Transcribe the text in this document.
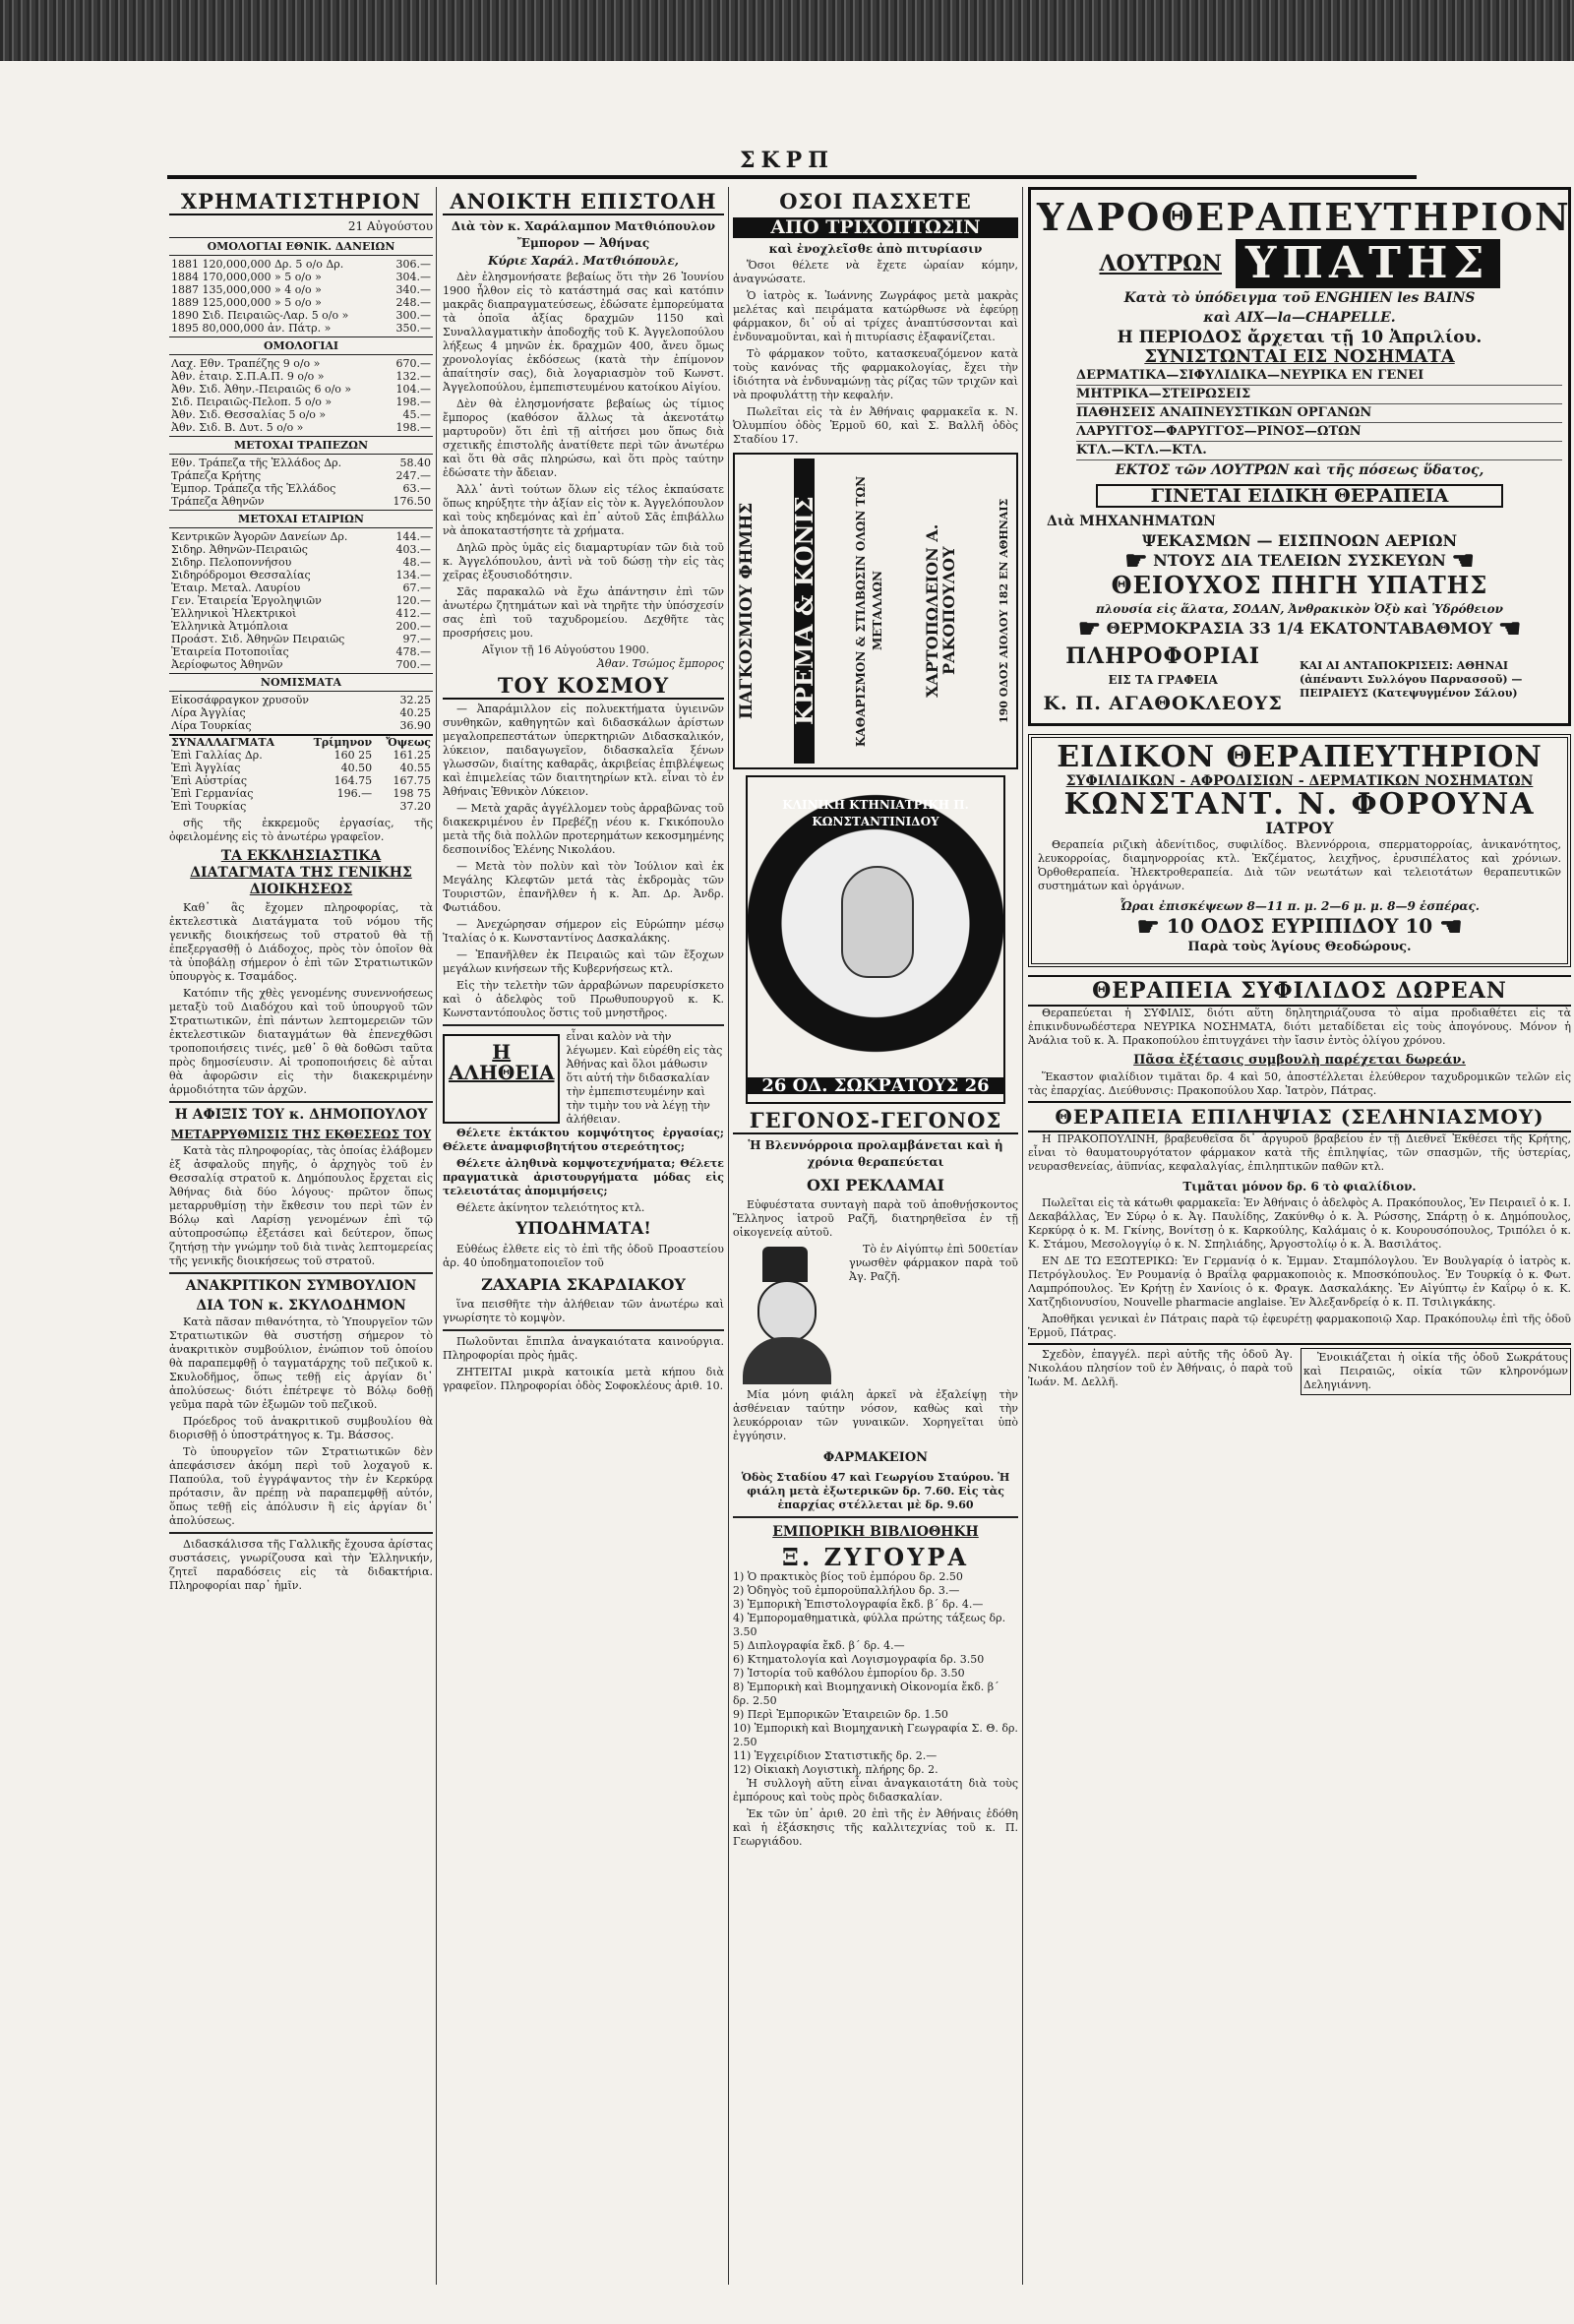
ΣΚΡΠ
ΧΡΗΜΑΤΙΣΤΗΡΙΟΝ
21 Αὐγούστου
ΟΜΟΛΟΓΙΑΙ ΕΘΝΙΚ. ΔΑΝΕΙΩΝ
1881 120,000,000 Δρ. 5 ο/ο Δρ.	306.—
1884 170,000,000 » 5 ο/ο »	304.—
1887 135,000,000 » 4 ο/ο »	340.—
1889 125,000,000 » 5 ο/ο »	248.—
1890 Σιδ. Πειραιῶς-Λαρ. 5 ο/ο »	300.—
1895 80,000,000 ἀν. Πάτρ. »	350.—
ΟΜΟΛΟΓΙΑΙ
Λαχ. Εθν. Τραπέζης 9 ο/ο »	670.—
Ἀθν. ἑταιρ. Σ.Π.Α.Π. 9 ο/ο »	132.—
Ἀθν. Σιδ. Ἀθην.-Πειραιῶς 6 ο/ο »	104.—
Σιδ. Πειραιῶς-Πελοπ. 5 ο/ο »	198.—
Ἀθν. Σιδ. Θεσσαλίας 5 ο/ο »	45.—
Ἀθν. Σιδ. Β. Δυτ. 5 ο/ο »	198.—
ΜΕΤΟΧΑΙ ΤΡΑΠΕΖΩΝ
Εθν. Τράπεζα τῆς Ἑλλάδος Δρ.	58.40
Τράπεζα Κρήτης	247.—
Ἐμπορ. Τράπεζα τῆς Ἑλλάδος	63.—
Τράπεζα Ἀθηνῶν	176.50
ΜΕΤΟΧΑΙ ΕΤΑΙΡΙΩΝ
Κεντρικῶν Ἀγορῶν Δανείων Δρ.	144.—
Σιδηρ. Ἀθηνῶν-Πειραιῶς	403.—
Σιδηρ. Πελοποννήσου	48.—
Σιδηρόδρομοι Θεσσαλίας	134.—
Ἐταιρ. Μεταλ. Λαυρίου	67.—
Γεν. Ἐταιρεία Ἐργοληψιῶν	120.—
Ἑλληνικοὶ Ἠλεκτρικοὶ	412.—
Ἑλληνικὰ Ἀτμόπλοια	200.—
Προάστ. Σιδ. Ἀθηνῶν Πειραιῶς	97.—
Ἐταιρεία Ποτοποιΐας	478.—
Ἀερίοφωτος Ἀθηνῶν	700.—
ΝΟΜΙΣΜΑΤΑ
Εἰκοσάφραγκον χρυσοῦν	32.25
Λίρα Ἀγγλίας	40.25
Λίρα Τουρκίας	36.90
ΣΥΝΑΛΛΑΓΜΑΤΑ	Τρίμηνον	Ὄψεως
Ἐπὶ Γαλλίας Δρ.	160 25	161.25
Ἐπὶ Ἀγγλίας	40.50	40.55
Ἐπὶ Αὐστρίας	164.75	167.75
Ἐπὶ Γερμανίας	196.—	198 75
Ἐπὶ Τουρκίας		37.20

σῆς τῆς ἐκκρεμοῦς ἐργασίας, τῆς ὀφειλομένης εἰς τὸ ἀνωτέρω γραφεῖον.

ΤΑ ΕΚΚΛΗΣΙΑΣΤΙΚΑ ΔΙΑΤΑΓΜΑΤΑ ΤΗΣ ΓΕΝΙΚΗΣ ΔΙΟΙΚΗΣΕΩΣ

Καθ᾽ ἃς ἔχομεν πληροφορίας, τὰ ἐκτελεστικὰ Διατάγματα τοῦ νόμου τῆς γενικῆς διοικήσεως τοῦ στρατοῦ θὰ τῇ ἐπεξεργασθῇ ὁ Διάδοχος, πρὸς τὸν ὁποῖον θὰ τὰ ὑποβάλῃ σήμερον ὁ ἐπὶ τῶν Στρατιωτικῶν ὑπουργὸς κ. Τσαμάδος.

Κατόπιν τῆς χθὲς γενομένης συνεννοήσεως μεταξὺ τοῦ Διαδόχου καὶ τοῦ ὑπουργοῦ τῶν Στρατιωτικῶν, ἐπὶ πάντων λεπτομερειῶν τῶν ἐκτελεστικῶν διαταγμάτων θὰ ἐπενεχθῶσι τροποποιήσεις τινές, μεθ᾽ ὃ θὰ δοθῶσι ταῦτα πρὸς δημοσίευσιν. Αἱ τροποποιήσεις δὲ αὗται θὰ ἀφορῶσιν εἰς τὴν διακεκριμένην ἁρμοδιότητα τῶν ἀρχῶν.

Η ΑΦΙΞΙΣ ΤΟΥ κ. ΔΗΜΟΠΟΥΛΟΥ
ΜΕΤΑΡΡΥΘΜΙΣΙΣ ΤΗΣ ΕΚΘΕΣΕΩΣ ΤΟΥ

Κατὰ τὰς πληροφορίας, τὰς ὁποίας ἐλάβομεν ἐξ ἀσφαλοῦς πηγῆς, ὁ ἀρχηγὸς τοῦ ἐν Θεσσαλίᾳ στρατοῦ κ. Δημόπουλος ἔρχεται εἰς Ἀθήνας διὰ δύο λόγους· πρῶτον ὅπως μεταρρυθμίσῃ τὴν ἔκθεσιν του περὶ τῶν ἐν Βόλῳ καὶ Λαρίσῃ γενομένων ἐπὶ τῷ αὐτοπροσώπῳ ἐξετάσει καὶ δεύτερον, ὅπως ζητήσῃ τὴν γνώμην τοῦ διὰ τινὰς λεπτομερείας τῆς γενικῆς διοικήσεως τοῦ στρατοῦ.

ΑΝΑΚΡΙΤΙΚΟΝ ΣΥΜΒΟΥΛΙΟΝ
ΔΙΑ ΤΟΝ κ. ΣΚΥΛΟΔΗΜΟΝ

Κατὰ πᾶσαν πιθανότητα, τὸ Ὑπουργεῖον τῶν Στρατιωτικῶν θὰ συστήσῃ σήμερον τὸ ἀνακριτικὸν συμβούλιον, ἐνώπιον τοῦ ὁποίου θὰ παραπεμφθῇ ὁ ταγματάρχης τοῦ πεζικοῦ κ. Σκυλοδῆμος, ὅπως τεθῇ εἰς ἀργίαν δι᾽ ἀπολύσεως· διότι ἐπέτρεψε τὸ Βόλῳ δοθῇ γεῦμα παρὰ τῶν ἐξωμῶν τοῦ πεζικοῦ.

Πρόεδρος τοῦ ἀνακριτικοῦ συμβουλίου θὰ διορισθῇ ὁ ὑποστράτηγος κ. Τμ. Βάσσος.

Τὸ ὑπουργεῖον τῶν Στρατιωτικῶν δὲν ἀπεφάσισεν ἀκόμη περὶ τοῦ λοχαγοῦ κ. Παπούλα, τοῦ ἐγγράψαντος τὴν ἐν Κερκύρᾳ πρότασιν, ἂν πρέπῃ νὰ παραπεμφθῇ αὐτόν, ὅπως τεθῇ εἰς ἀπόλυσιν ἢ εἰς ἀργίαν δι᾽ ἀπολύσεως.

Διδασκάλισσα τῆς Γαλλικῆς ἔχουσα ἀρίστας συστάσεις, γνωρίζουσα καὶ τὴν Ἑλληνικήν, ζητεῖ παραδόσεις εἰς τὰ διδακτήρια. Πληροφορίαι παρ᾽ ἡμῖν.

ΑΝΟΙΚΤΗ ΕΠΙΣΤΟΛΗ
Διὰ τὸν κ. Χαράλαμπον Ματθιόπουλον Ἔμπορον — Ἀθήνας
Κύριε Χαράλ. Ματθιόπουλε,

Δὲν ἐλησμονήσατε βεβαίως ὅτι τὴν 26 Ἰουνίου 1900 ἦλθον εἰς τὸ κατάστημά σας καὶ κατόπιν μακρᾶς διαπραγματεύσεως, ἐδώσατε ἐμπορεύματα τὰ ὁποῖα ἀξίας δραχμῶν 1150 καὶ Συναλλαγματικὴν ἀποδοχῆς τοῦ Κ. Ἀγγελοπούλου λήξεως 4 μηνῶν ἐκ. δραχμῶν 400, ἄνευ ὅμως χρονολογίας ἐκδόσεως (κατὰ τὴν ἐπίμονον ἀπαίτησίν σας), διὰ λογαριασμὸν τοῦ Κωνστ. Ἀγγελοπούλου, ἐμπεπιστευμένου κατοίκου Αἰγίου.

Δὲν θὰ ἐλησμονήσατε βεβαίως ὡς τίμιος ἔμπορος (καθόσον ἄλλως τὰ ἀκενοτάτῳ μαρτυροῦν) ὅτι ἐπὶ τῇ αἰτήσει μου ὅπως διὰ σχετικῆς ἐπιστολῆς ἀνατίθετε περὶ τῶν ἀνωτέρω καὶ ὅτι θὰ σᾶς πληρώσω, καὶ ὅτι πρὸς ταύτην ἐδώσατε τὴν ἄδειαν.

Ἀλλ᾽ ἀντὶ τούτων ὅλων εἰς τέλος ἐκπαύσατε ὅπως κηρύξητε τὴν ἀξίαν εἰς τὸν κ. Ἀγγελόπουλον καὶ τοὺς κηδεμόνας καὶ ἐπ᾽ αὐτοῦ Σᾶς ἐπιβάλλω νὰ ἀποκαταστήσητε τὰ χρήματα.

Δηλῶ πρὸς ὑμᾶς εἰς διαμαρτυρίαν τῶν διὰ τοῦ κ. Ἀγγελόπουλου, ἀντὶ νὰ τοῦ δώσῃ τὴν εἰς τὰς χεῖρας ἐξουσιοδότησιν.

Σᾶς παρακαλῶ νὰ ἔχω ἀπάντησιν ἐπὶ τῶν ἀνωτέρω ζητημάτων καὶ νὰ τηρῆτε τὴν ὑπόσχεσίν σας ἐπὶ τοῦ ταχυδρομείου. Δεχθῆτε τὰς προσρήσεις μου.

Αἴγιον τῇ 16 Αὐγούστου 1900.
Ἀθαν. Τσώμος ἔμπορος
ΤΟΥ ΚΟΣΜΟΥ

— Ἀπαράμιλλον εἰς πολυεκτήματα ὑγιεινῶν συνθηκῶν, καθηγητῶν καὶ διδασκάλων ἀρίστων μεγαλοπρεπεστάτων ὑπερκτηριῶν Διδασκαλικόν, λύκειον, παιδαγωγεῖον, διδασκαλεῖα ξένων γλωσσῶν, διαίτης καθαρᾶς, ἀκριβείας ἐπιβλέψεως καὶ ἐπιμελείας τῶν διαιτητηρίων κτλ. εἶναι τὸ ἐν Ἀθήναις Ἐθνικὸν Λύκειον.

— Μετὰ χαρᾶς ἀγγέλλομεν τοὺς ἀρραβῶνας τοῦ διακεκριμένου ἐν Πρεβέζῃ νέου κ. Γκικόπουλο μετὰ τῆς διὰ πολλῶν προτερημάτων κεκοσμημένης δεσποινίδος Ἐλένης Νικολάου.

— Μετὰ τὸν πολὺν καὶ τὸν Ἰούλιον καὶ ἐκ Μεγάλης Κλεφτῶν μετά τὰς ἐκδρομὰς τῶν Τουριστῶν, ἐπανῆλθεν ἡ κ. Ἀπ. Δρ. Ἀνδρ. Φωτιάδου.

— Ἀνεχώρησαν σήμερον εἰς Εὐρώπην μέσῳ Ἰταλίας ὁ κ. Κωνσταντίνος Δασκαλάκης.

— Ἐπανῆλθεν ἐκ Πειραιῶς καὶ τῶν ἔξοχων μεγάλων κινήσεων τῆς Κυβερνήσεως κτλ.

Εἰς τὴν τελετὴν τῶν ἀρραβώνων παρευρίσκετο καὶ ὁ ἀδελφὸς τοῦ Πρωθυπουργοῦ κ. Κ. Κωνσταντόπουλος ὅστις τοῦ μνηστῆρος.

Η ΑΛΗΘΕΙΑ
εἶναι καλὸν νὰ τὴν λέγωμεν. Καὶ εὑρέθη εἰς τὰς Ἀθήνας καὶ ὅλοι μάθωσιν ὅτι αὐτή τὴν διδασκαλίαν τὴν ἐμπεπιστευμένην καὶ τὴν τιμὴν του νὰ λέγῃ τὴν ἀλήθειαν.

Θέλετε ἐκτάκτου κομψότητος ἐργασίας; Θέλετε ἀναμφισβητήτου στερεότητος;

Θέλετε ἀληθινὰ κομψοτεχνήματα; Θέλετε πραγματικὰ ἀριστουργήματα μόδας εἰς τελειοτάτας ἀπομιμήσεις;

Θέλετε ἀκίνητον τελειότητος κτλ.

ΥΠΟΔΗΜΑΤΑ!

Εὐθέως ἐλθετε εἰς τὸ ἐπὶ τῆς ὁδοῦ Προαστείου ἀρ. 40 ὑποδηματοποιεῖον τοῦ

ΖΑΧΑΡΙΑ ΣΚΑΡΔΙΑΚΟΥ

ἵνα πεισθῆτε τὴν ἀλήθειαν τῶν ἀνωτέρω καὶ γνωρίσητε τὸ κομψὸν.

Πωλοῦνται ἔπιπλα ἀναγκαιότατα καινούργια. Πληροφορίαι πρὸς ἡμᾶς.

ΖΗΤΕΙΤΑΙ μικρὰ κατοικία μετὰ κήπου διὰ γραφεῖον. Πληροφορίαι ὁδὸς Σοφοκλέους ἀριθ. 10.

ΟΣΟΙ ΠΑΣΧΕΤΕ
ΑΠΟ ΤΡΙΧΟΠΤΩΣΙΝ
καὶ ἐνοχλεῖσθε ἀπὸ πιτυρίασιν

Ὅσοι θέλετε νὰ ἔχετε ὡραίαν κόμην, ἀναγνώσατε.

Ὁ ἰατρὸς κ. Ἰωάννης Ζωγράφος μετὰ μακρὰς μελέτας καὶ πειράματα κατώρθωσε νὰ ἐφεύρῃ φάρμακον, δι᾽ οὗ αἱ τρίχες ἀναπτύσσονται καὶ ἐνδυναμοῦνται, καὶ ἡ πιτυρίασις ἐξαφανίζεται.

Τὸ φάρμακον τοῦτο, κατασκευαζόμενον κατὰ τοὺς κανόνας τῆς φαρμακολογίας, ἔχει τὴν ἰδιότητα νὰ ἐνδυναμώνῃ τὰς ρίζας τῶν τριχῶν καὶ νὰ προφυλάττῃ τὴν κεφαλήν.

Πωλεῖται εἰς τὰ ἐν Ἀθήναις φαρμακεῖα κ. Ν. Ὀλυμπίου ὁδὸς Ἑρμοῦ 60, καὶ Σ. Βαλλῆ ὁδὸς Σταδίου 17.

ΠΑΓΚΟΣΜΙΟΥ ΦΗΜΗΣ ΚΡΕΜΑ & ΚΟΝΙΣ	ΚΑΘΑΡΙΣΜΟΝ & ΣΤΙΛΒΩΣΙΝ ΟΛΩΝ ΤΩΝ ΜΕΤΑΛΛΩΝ ΧΑΡΤΟΠΩΛΕΙΟΝ Α. ΡΑΚΟΠΟΥΛΟΥ	190 ΟΔΟΣ ΑΙΟΛΟΥ 182 ΕΝ ΑΘΗΝΑΙΣ
ΚΛΙΝΙΚΗ ΚΤΗΝΙΑΤΡΙΚΗ Π. ΚΩΝΣΤΑΝΤΙΝΙΔΟΥ
26 ΟΔ. ΣΩΚΡΑΤΟΥΣ 26
ΓΕΓΟΝΟΣ-ΓΕΓΟΝΟΣ
Ἡ Βλεννόρροια προλαμβάνεται καὶ ἡ χρόνια θεραπεύεται
ΟΧΙ ΡΕΚΛΑΜΑΙ

Εὐφυέστατα συνταγὴ παρὰ τοῦ ἀποθνῄσκοντος Ἕλληνος ἰατροῦ Ραζῆ, διατηρηθεῖσα ἐν τῇ οἰκογενείᾳ αὐτοῦ.

Τὸ ἐν Αἰγύπτῳ ἐπὶ 500ετίαν γνωσθὲν φάρμακον παρὰ τοῦ Ἀγ. Ραζῆ.

Μία μόνη φιάλη ἀρκεῖ νὰ ἐξαλείψῃ τὴν ἀσθένειαν ταύτην νόσον, καθὼς καὶ τὴν λευκόρροιαν τῶν γυναικῶν. Χορηγεῖται ὑπὸ ἐγγύησιν.

ΦΑΡΜΑΚΕΙΟΝ

Ὁδὸς Σταδίου 47 καὶ Γεωργίου Σταύρου. Ἡ φιάλη μετὰ ἐξωτερικῶν δρ. 7.60. Εἰς τὰς ἐπαρχίας στέλλεται μὲ δρ. 9.60

ΕΜΠΟΡΙΚΗ ΒΙΒΛΙΟΘΗΚΗ
Ξ. ΖΥΓΟΥΡΑ
1) Ὁ πρακτικὸς βίος τοῦ ἐμπόρου δρ. 2.50
2) Ὁδηγὸς τοῦ ἐμποροϋπαλλήλου δρ. 3.—
3) Ἐμπορικὴ Ἐπιστολογραφία ἔκδ. β΄ δρ. 4.—
4) Ἐμπορομαθηματικὰ, φύλλα πρώτης τάξεως δρ. 3.50
5) Διπλογραφία ἔκδ. β΄ δρ. 4.—
6) Κτηματολογία καὶ Λογισμογραφία δρ. 3.50
7) Ἱστορία τοῦ καθόλου ἐμπορίου δρ. 3.50
8) Ἐμπορικὴ καὶ Βιομηχανικὴ Οἰκονομία ἔκδ. β΄ δρ. 2.50
9) Περὶ Ἐμπορικῶν Ἑταιρειῶν δρ. 1.50
10) Ἐμπορικὴ καὶ Βιομηχανικὴ Γεωγραφία Σ. Θ. δρ. 2.50
11) Ἐγχειρίδιον Στατιστικῆς δρ. 2.—
12) Οἰκιακὴ Λογιστικὴ, πλήρης δρ. 2.

Ἡ συλλογὴ αὕτη εἶναι ἀναγκαιοτάτη διὰ τοὺς ἐμπόρους καὶ τοὺς πρὸς διδασκαλίαν.

Ἐκ τῶν ὑπ᾽ ἀριθ. 20 ἐπὶ τῆς ἐν Ἀθήναις ἐδόθη καὶ ἡ ἐξάσκησις τῆς καλλιτεχνίας τοῦ κ. Π. Γεωργιάδου.

ΥΔΡΟΘΕΡΑΠΕΥΤΗΡΙΟΝ
ΛΟΥΤΡΩΝ ΥΠΑΤΗΣ
Κατὰ τὸ ὑπόδειγμα τοῦ ENGHIEN les BAINS
καὶ AIX—la—CHAPELLE.
Η ΠΕΡΙΟΔΟΣ ἄρχεται τῇ 10 Ἀπριλίου.
ΣΥΝΙΣΤΩΝΤΑΙ ΕΙΣ ΝΟΣΗΜΑΤΑ
ΔΕΡΜΑΤΙΚΑ—ΣΙΦΥΛΙΔΙΚΑ—ΝΕΥΡΙΚΑ ΕΝ ΓΕΝΕΙ
ΜΗΤΡΙΚΑ—ΣΤΕΙΡΩΣΕΙΣ
ΠΑΘΗΣΕΙΣ ΑΝΑΠΝΕΥΣΤΙΚΩΝ ΟΡΓΑΝΩΝ
ΛΑΡΥΓΓΟΣ—ΦΑΡΥΓΓΟΣ—ΡΙΝΟΣ—ΩΤΩΝ
ΚΤΛ.—ΚΤΛ.—ΚΤΛ.
ΕΚΤΟΣ τῶν ΛΟΥΤΡΩΝ καὶ τῆς πόσεως ὕδατος,
ΓΙΝΕΤΑΙ ΕΙΔΙΚΗ ΘΕΡΑΠΕΙΑ
Διὰ ΜΗΧΑΝΗΜΑΤΩΝ
ΨΕΚΑΣΜΩΝ — ΕΙΣΠΝΟΩΝ ΑΕΡΙΩΝ
☛ ΝΤΟΥΣ ΔΙΑ ΤΕΛΕΙΩΝ ΣΥΣΚΕΥΩΝ ☚
ΘΕΙΟΥΧΟΣ ΠΗΓΗ ΥΠΑΤΗΣ
πλουσία εἰς ἅλατα, ΣΟΔΑΝ, Ἀνθρακικὸν Ὀξὺ καὶ Ὑδρόθειον
☛ ΘΕΡΜΟΚΡΑΣΙΑ 33 1/4 ΕΚΑΤΟΝΤΑΒΑΘΜΟΥ ☚
ΠΛΗΡΟΦΟΡΙΑΙ
ΕΙΣ ΤΑ ΓΡΑΦΕΙΑ
Κ. Π. ΑΓΑΘΟΚΛΕΟΥΣ
ΚΑΙ ΑΙ ΑΝΤΑΠΟΚΡΙΣΕΙΣ: ΑΘΗΝΑΙ (ἀπέναντι Συλλόγου Παρνασσοῦ) — ΠΕΙΡΑΙΕΥΣ (Κατεψυγμένον Σάλου)
ΕΙΔΙΚΟΝ ΘΕΡΑΠΕΥΤΗΡΙΟΝ
ΣΥΦΙΛΙΔΙΚΩΝ - ΑΦΡΟΔΙΣΙΩΝ - ΔΕΡΜΑΤΙΚΩΝ ΝΟΣΗΜΑΤΩΝ
ΚΩΝΣΤΑΝΤ. Ν. ΦΟΡΟΥΝΑ
ΙΑΤΡΟΥ

Θεραπεία ριζικὴ ἀδενίτιδος, συφιλίδος. Βλεννόρροια, σπερματορροίας, ἀνικανότητος, λευκορροίας, διαμηνορροίας κτλ. Ἐκζέματος, λειχῆνος, ἐρυσιπέλατος καὶ χρόνιων. Ὀρθοθεραπεία. Ἠλεκτροθεραπεία. Διὰ τῶν νεωτάτων καὶ τελειοτάτων θεραπευτικῶν συστημάτων καὶ ὀργάνων.

Ὧραι ἐπισκέψεων 8—11 π. μ. 2—6 μ. μ. 8—9 ἑσπέρας.
☛ 10 ΟΔΟΣ ΕΥΡΙΠΙΔΟΥ 10 ☚
Παρὰ τοὺς Ἁγίους Θεοδώρους.
ΘΕΡΑΠΕΙΑ ΣΥΦΙΛΙΔΟΣ ΔΩΡΕΑΝ

Θεραπεύεται ἡ ΣΥΦΙΛΙΣ, διότι αὕτη δηλητηριάζουσα τὸ αἷμα προδιαθέτει εἰς τὰ ἐπικινδυνωδέστερα ΝΕΥΡΙΚΑ ΝΟΣΗΜΑΤΑ, διότι μεταδίδεται εἰς τοὺς ἀπογόνους. Μόνον ἡ Ἀνάλια τοῦ κ. Ἀ. Πρακοπούλου ἐπιτυγχάνει τὴν ἴασιν ἐντὸς ὀλίγου χρόνου.

Πᾶσα ἐξέτασις συμβουλὴ παρέχεται δωρεάν.

Ἕκαστον φιαλίδιον τιμᾶται δρ. 4 καὶ 50, ἀποστέλλεται ἐλεύθερον ταχυδρομικῶν τελῶν εἰς τὰς ἐπαρχίας. Διεύθυνσις: Πρακοπούλου Χαρ. Ἰατρὸν, Πάτρας.

ΘΕΡΑΠΕΙΑ ΕΠΙΛΗΨΙΑΣ (ΣΕΛΗΝΙΑΣΜΟΥ)

Η ΠΡΑΚΟΠΟΥΛΙΝΗ, βραβευθεῖσα δι᾽ ἀργυροῦ βραβείου ἐν τῇ Διεθνεῖ Ἐκθέσει τῆς Κρήτης, εἶναι τὸ θαυματουργότατον φάρμακον κατὰ τῆς ἐπιληψίας, τῶν σπασμῶν, τῆς ὑστερίας, νευρασθενείας, ἀϋπνίας, κεφαλαλγίας, ἐπιληπτικῶν παθῶν κτλ.

Τιμᾶται μόνον δρ. 6 τὸ φιαλίδιον.

Πωλεῖται εἰς τὰ κάτωθι φαρμακεῖα: Ἐν Ἀθήναις ὁ ἀδελφὸς Α. Πρακόπουλος, Ἐν Πειραιεῖ ὁ κ. Ι. Δεκαβάλλας, Ἐν Σύρῳ ὁ κ. Ἀγ. Παυλίδης, Ζακύνθῳ ὁ κ. Ἀ. Ρώσσης, Σπάρτῃ ὁ κ. Δημόπουλος, Κερκύρᾳ ὁ κ. Μ. Γκίνης, Βονίτσῃ ὁ κ. Καρκούλης, Καλάμαις ὁ κ. Κουρουσόπουλος, Τριπόλει ὁ κ. Κ. Στάμου, Μεσολογγίῳ ὁ κ. Ν. Σπηλιάδης, Ἀργοστολίῳ ὁ κ. Ἀ. Βασιλάτος.

ΕΝ ΔΕ ΤΩ ΕΞΩΤΕΡΙΚΩ: Ἐν Γερμανίᾳ ὁ κ. Ἐμμαν. Σταμπόλογλου. Ἐν Βουλγαρίᾳ ὁ ἰατρὸς κ. Πετρόγλουλος. Ἐν Ρουμανίᾳ ὁ Βραΐλᾳ φαρμακοποιὸς κ. Μποσκόπουλος. Ἐν Τουρκίᾳ ὁ κ. Φωτ. Λαμπρόπουλος. Ἐν Κρήτῃ ἐν Χανίοις ὁ κ. Φραγκ. Δασκαλάκης. Ἐν Αἰγύπτῳ ἐν Καΐρῳ ὁ κ. Κ. Χατζηδιονυσίου, Nouvelle pharmacie anglaise. Ἐν Ἀλεξανδρείᾳ ὁ κ. Π. Τσιλιγκάκης.

Ἀποθῆκαι γενικαὶ ἐν Πάτραις παρὰ τῷ ἐφευρέτῃ φαρμακοποιῷ Χαρ. Πρακόπουλῳ ἐπὶ τῆς ὁδοῦ Ἑρμοῦ, Πάτρας.

Σχεδὸν, ἐπαγγέλ. περὶ αὐτῆς τῆς ὁδοῦ Ἀγ. Νικολάου πλησίον τοῦ ἐν Ἀθήναις, ὁ παρὰ τοῦ Ἰωάν. Μ. Δελλῆ.

Ἐνοικιάζεται ἡ οἰκία τῆς ὁδοῦ Σωκράτους καὶ Πειραιῶς, οἰκία τῶν κληρονόμων Δεληγιάννη.
